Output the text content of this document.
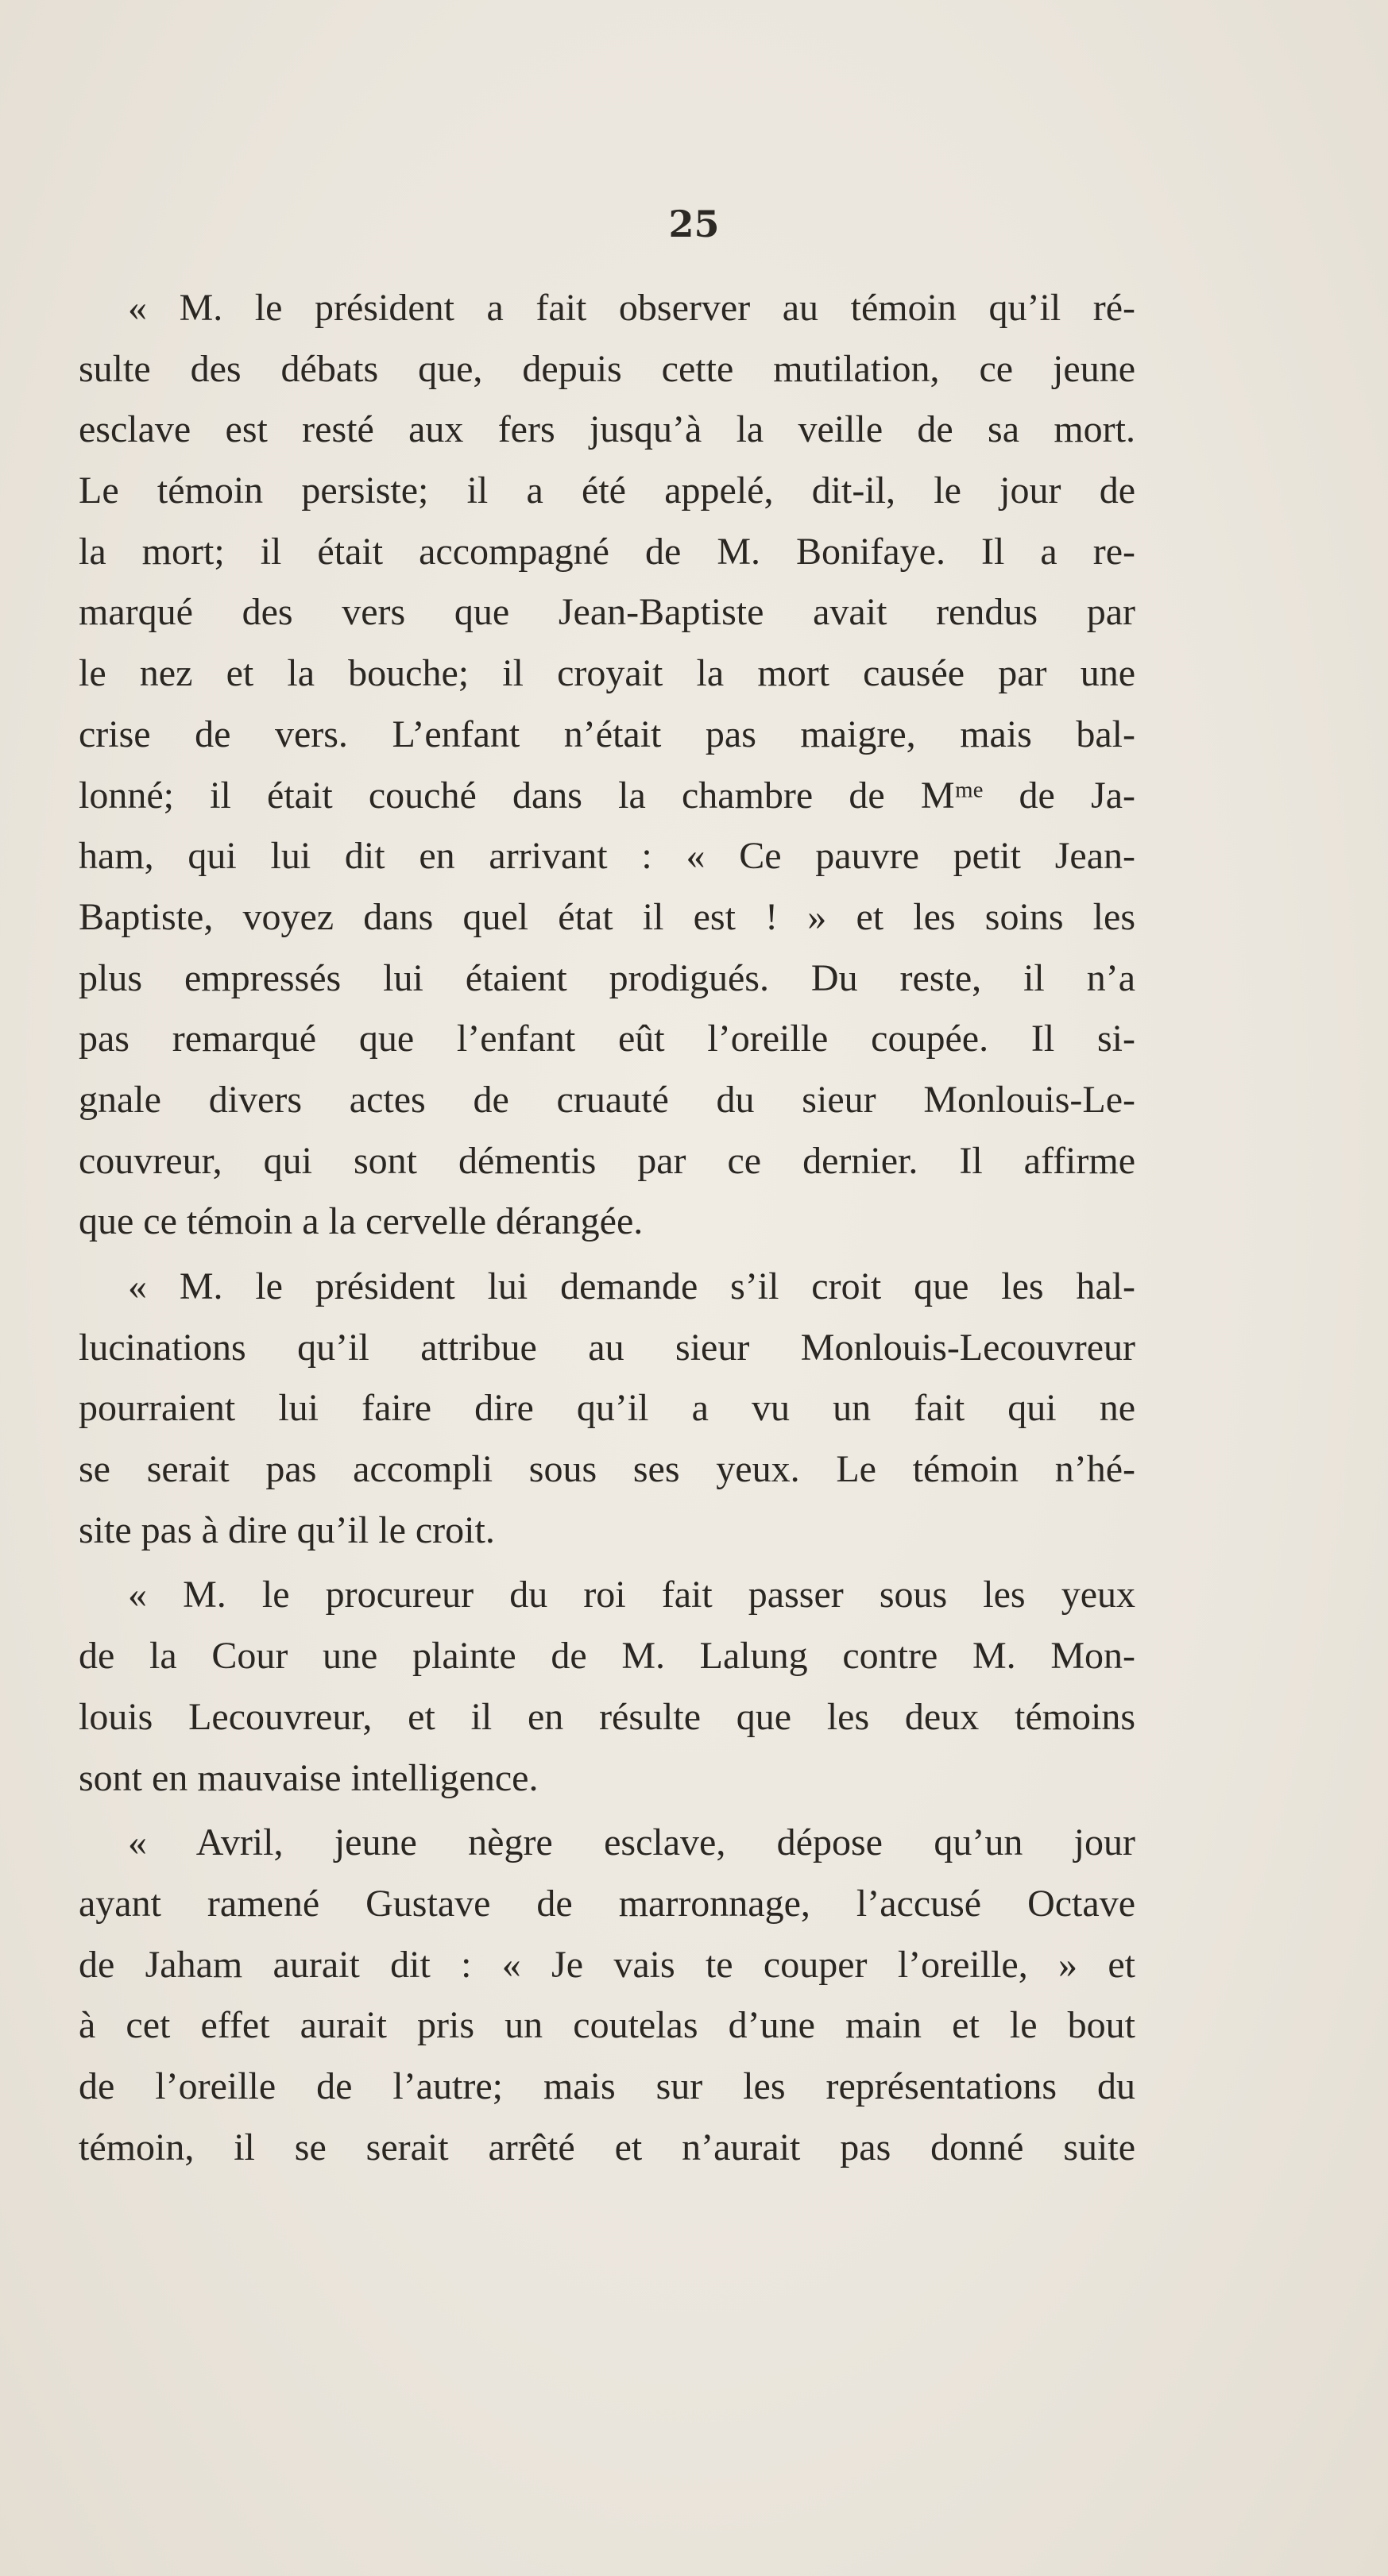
25
« M. le président a fait observer au témoin qu’il ré-
sulte des débats que, depuis cette mutilation, ce jeune
esclave est resté aux fers jusqu’à la veille de sa mort.
Le témoin persiste; il a été appelé, dit-il, le jour de
la mort; il était accompagné de M. Bonifaye. Il a re-
marqué des vers que Jean-Baptiste avait rendus par
le nez et la bouche; il croyait la mort causée par une
crise de vers. L’enfant n’était pas maigre, mais bal-
lonné; il était couché dans la chambre de Mᵐᵉ de Ja-
ham, qui lui dit en arrivant : « Ce pauvre petit Jean-
Baptiste, voyez dans quel état il est ! » et les soins les
plus empressés lui étaient prodigués. Du reste, il n’a
pas remarqué que l’enfant eût l’oreille coupée. Il si-
gnale divers actes de cruauté du sieur Monlouis-Le-
couvreur, qui sont démentis par ce dernier. Il affirme
que ce témoin a la cervelle dérangée.
« M. le président lui demande s’il croit que les hal-
lucinations qu’il attribue au sieur Monlouis-Lecouvreur
pourraient lui faire dire qu’il a vu un fait qui ne
se serait pas accompli sous ses yeux. Le témoin n’hé-
site pas à dire qu’il le croit.
« M. le procureur du roi fait passer sous les yeux
de la Cour une plainte de M. Lalung contre M. Mon-
louis Lecouvreur, et il en résulte que les deux témoins
sont en mauvaise intelligence.
« Avril, jeune nègre esclave, dépose qu’un jour
ayant ramené Gustave de marronnage, l’accusé Octave
de Jaham aurait dit : « Je vais te couper l’oreille, » et
à cet effet aurait pris un coutelas d’une main et le bout
de l’oreille de l’autre; mais sur les représentations du
témoin, il se serait arrêté et n’aurait pas donné suite
